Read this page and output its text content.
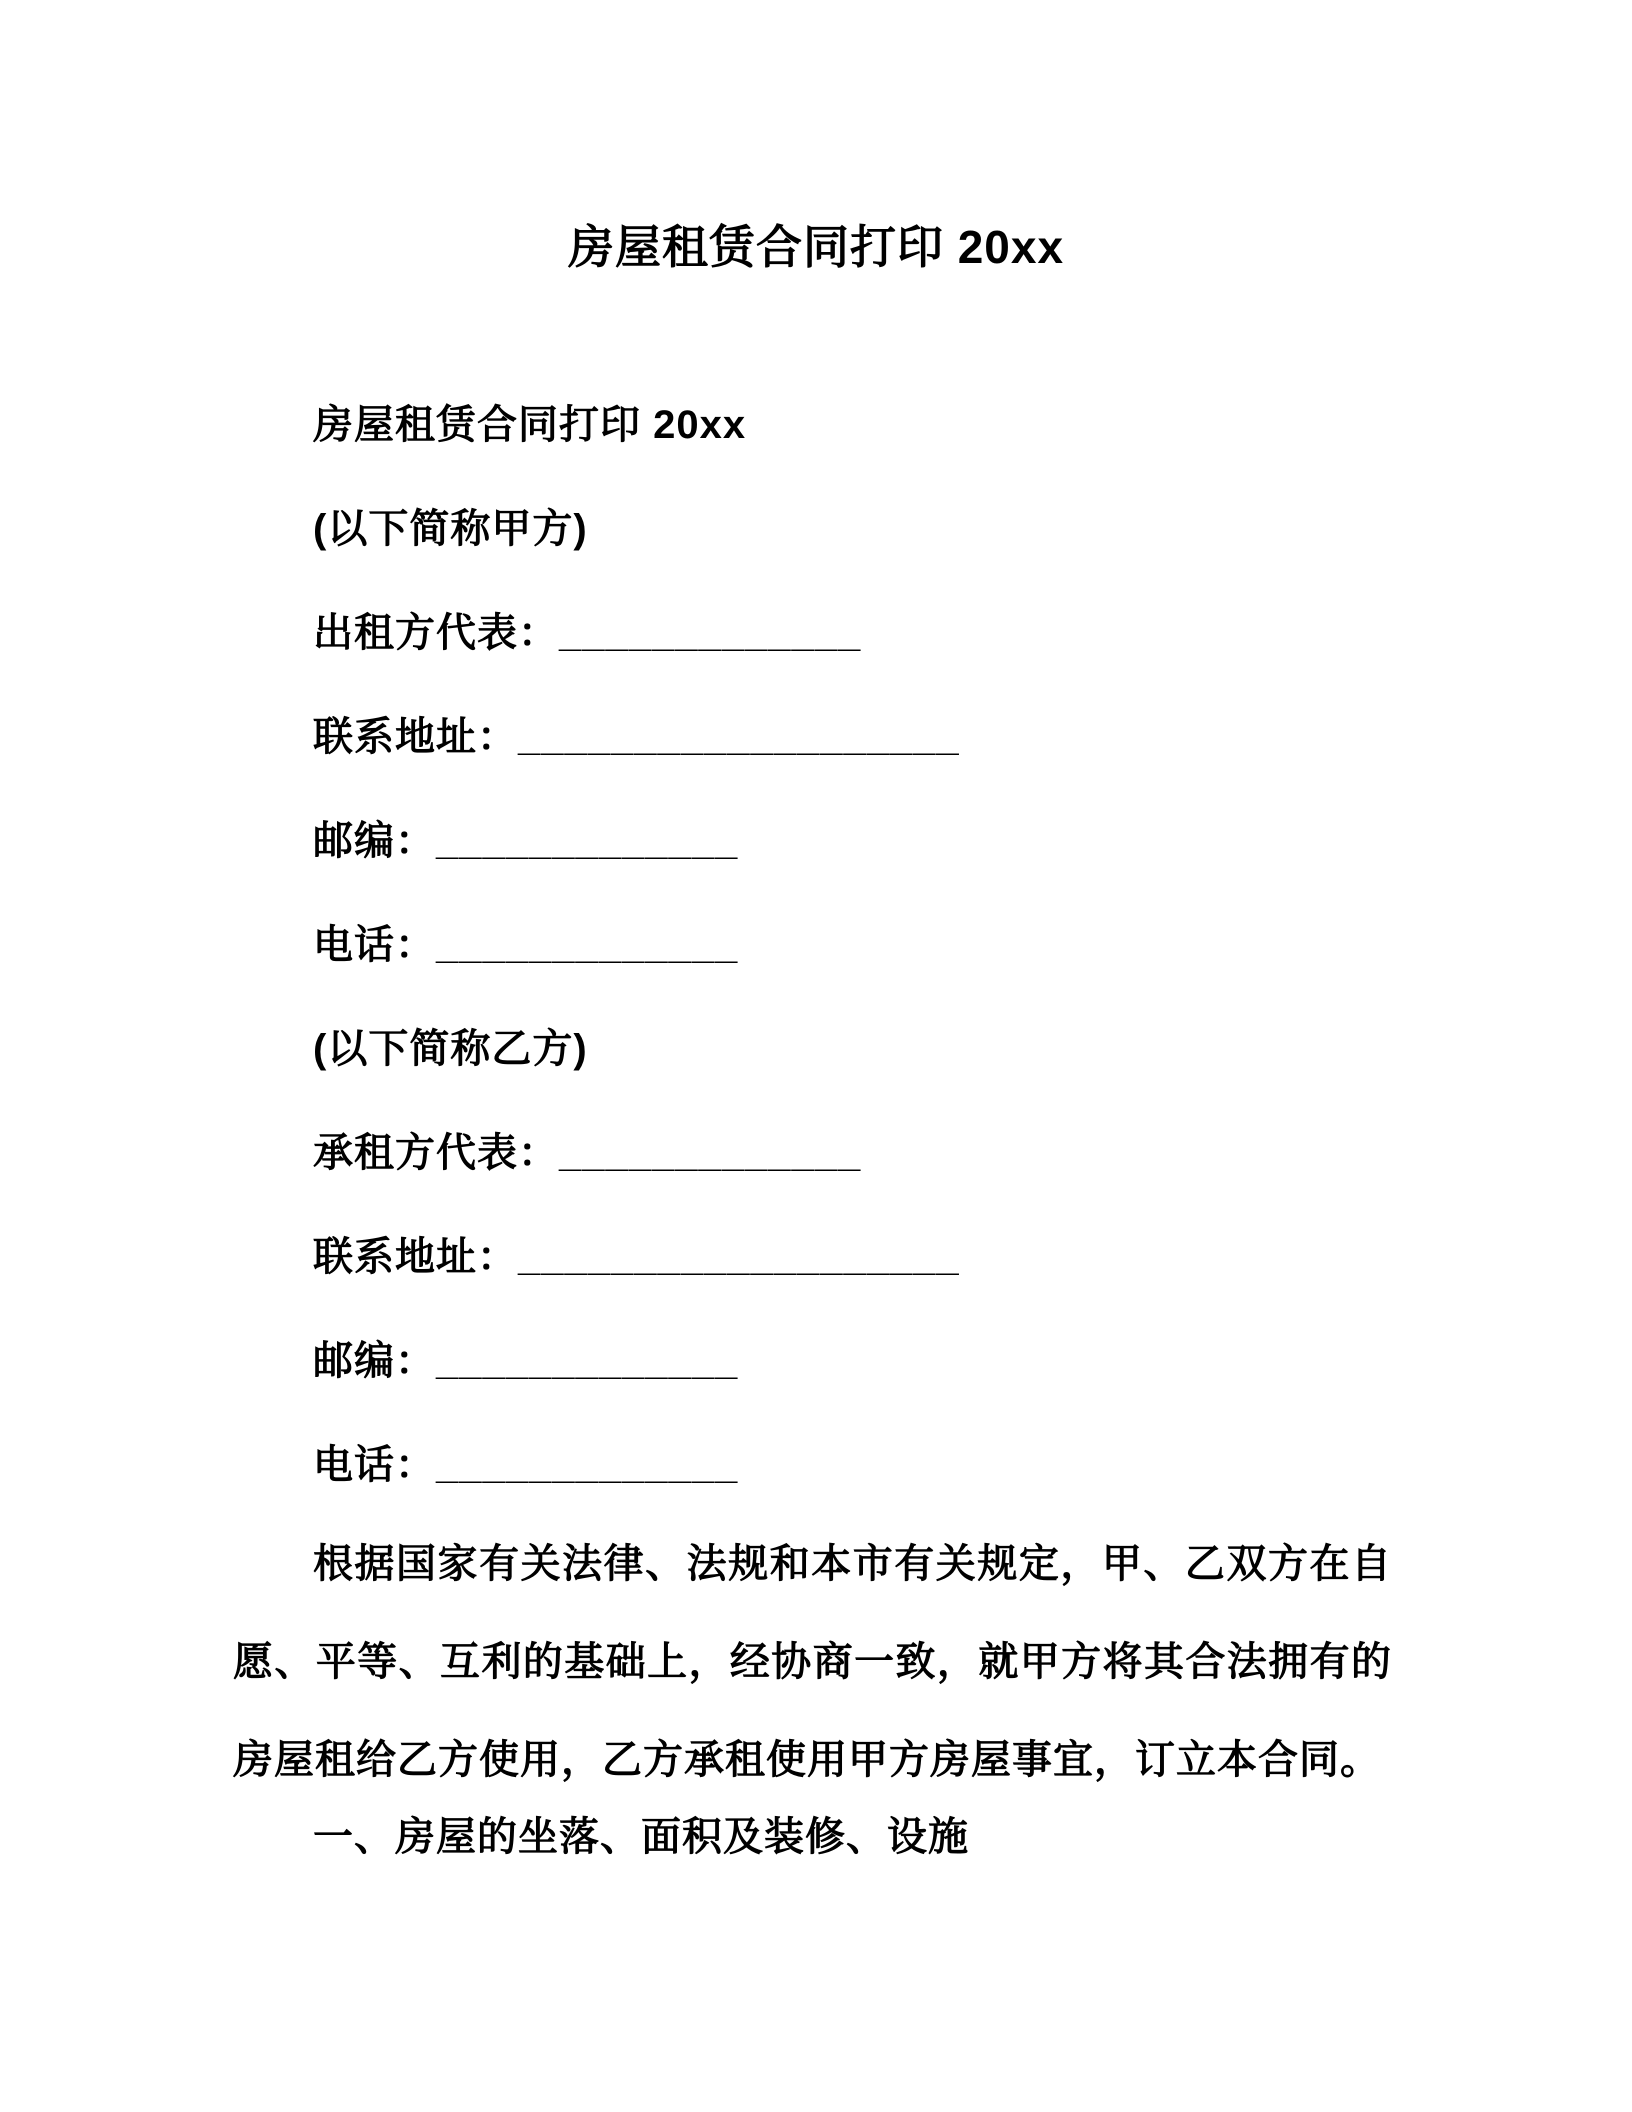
房屋租赁合同打印 20xx

房屋租赁合同打印 20xx

(以下简称甲方)

出租方代表：_____________

联系地址：___________________

邮编：_____________

电话：_____________

(以下简称乙方)

承租方代表：_____________

联系地址：___________________

邮编：_____________

电话：_____________

根据国家有关法律、法规和本市有关规定，甲、乙双方在自愿、平等、互利的基础上，经协商一致，就甲方将其合法拥有的房屋租给乙方使用，乙方承租使用甲方房屋事宜，订立本合同。

一、房屋的坐落、面积及装修、设施
